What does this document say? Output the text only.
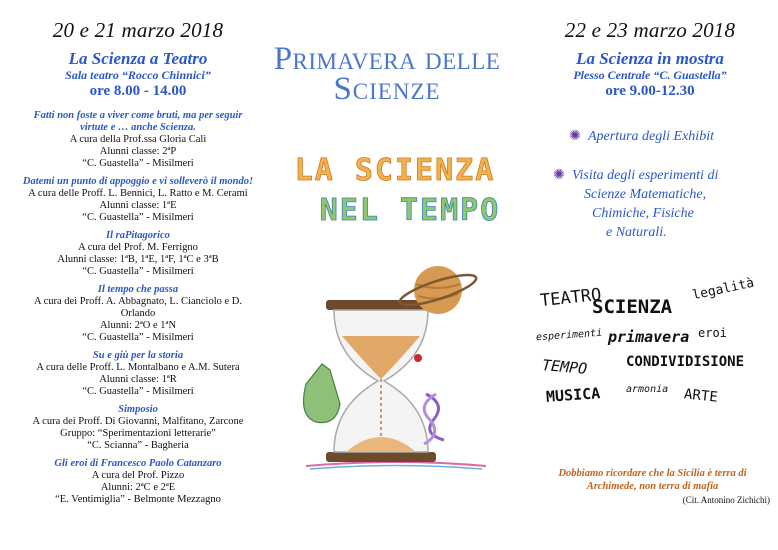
20 e 21 marzo 2018
La Scienza a Teatro
Sala teatro “Rocco Chinnici”
ore 8.00 - 14.00
Fatti non foste a viver come bruti, ma per seguir virtute e … anche Scienza.
A cura della Prof.ssa Gloria Calì
Alunni classe: 2ªP
“C. Guastella” - Misilmeri
Datemi un punto di appoggio e vi solleverò il mondo!
A cura delle Proff. L. Bennici, L. Ratto e M. Cerami
Alunni classe: 1ªE
“C. Guastella” - Misilmeri
Il raPitagorico
A cura del Prof. M. Ferrigno
Alunni classe: 1ªB, 1ªE, 1ªF, 1ªC e 3ªB
“C. Guastella” - Misilmeri
Il tempo che passa
A cura dei Proff. A. Abbagnato, L. Cianciolo e D. Orlando
Alunni: 2ªO e 1ªN
“C. Guastella” - Misilmeri
Su e giù per la storia
A cura delle Proff. L. Montalbano e A.M. Sutera
Alunni classe: 1ªR
“C. Guastella” - Misilmeri
Simposio
A cura dei Proff. Di Giovanni, Malfitano, Zarcone
Gruppo: “Sperimentazioni letterarie”
“C. Scianna” - Bagheria
Gli eroi di Francesco Paolo Catanzaro
A cura del Prof. Pizzo
Alunni: 2ªC e 2ªE
“E. Ventimiglia” - Belmonte Mezzagno
Primavera delle
Scienze
LA SCIENZA
NEL TEMPO
22 e 23 marzo 2018
La Scienza in mostra
Plesso Centrale “C. Guastella”
ore 9.00-12.30
✺ Apertura degli Exhibit
✺ Visita degli esperimenti di
Scienze Matematiche,
Chimiche, Fisiche
e Naturali.
TEATRO
SCIENZA
legalità
esperimenti primavera eroi
TEMPO	CONDIVIDISIONE
MUSICA	armonia ARTE
Dobbiamo ricordare che la Sicilia è terra di Archimede, non terra di mafia
(Cit. Antonino Zichichi)
